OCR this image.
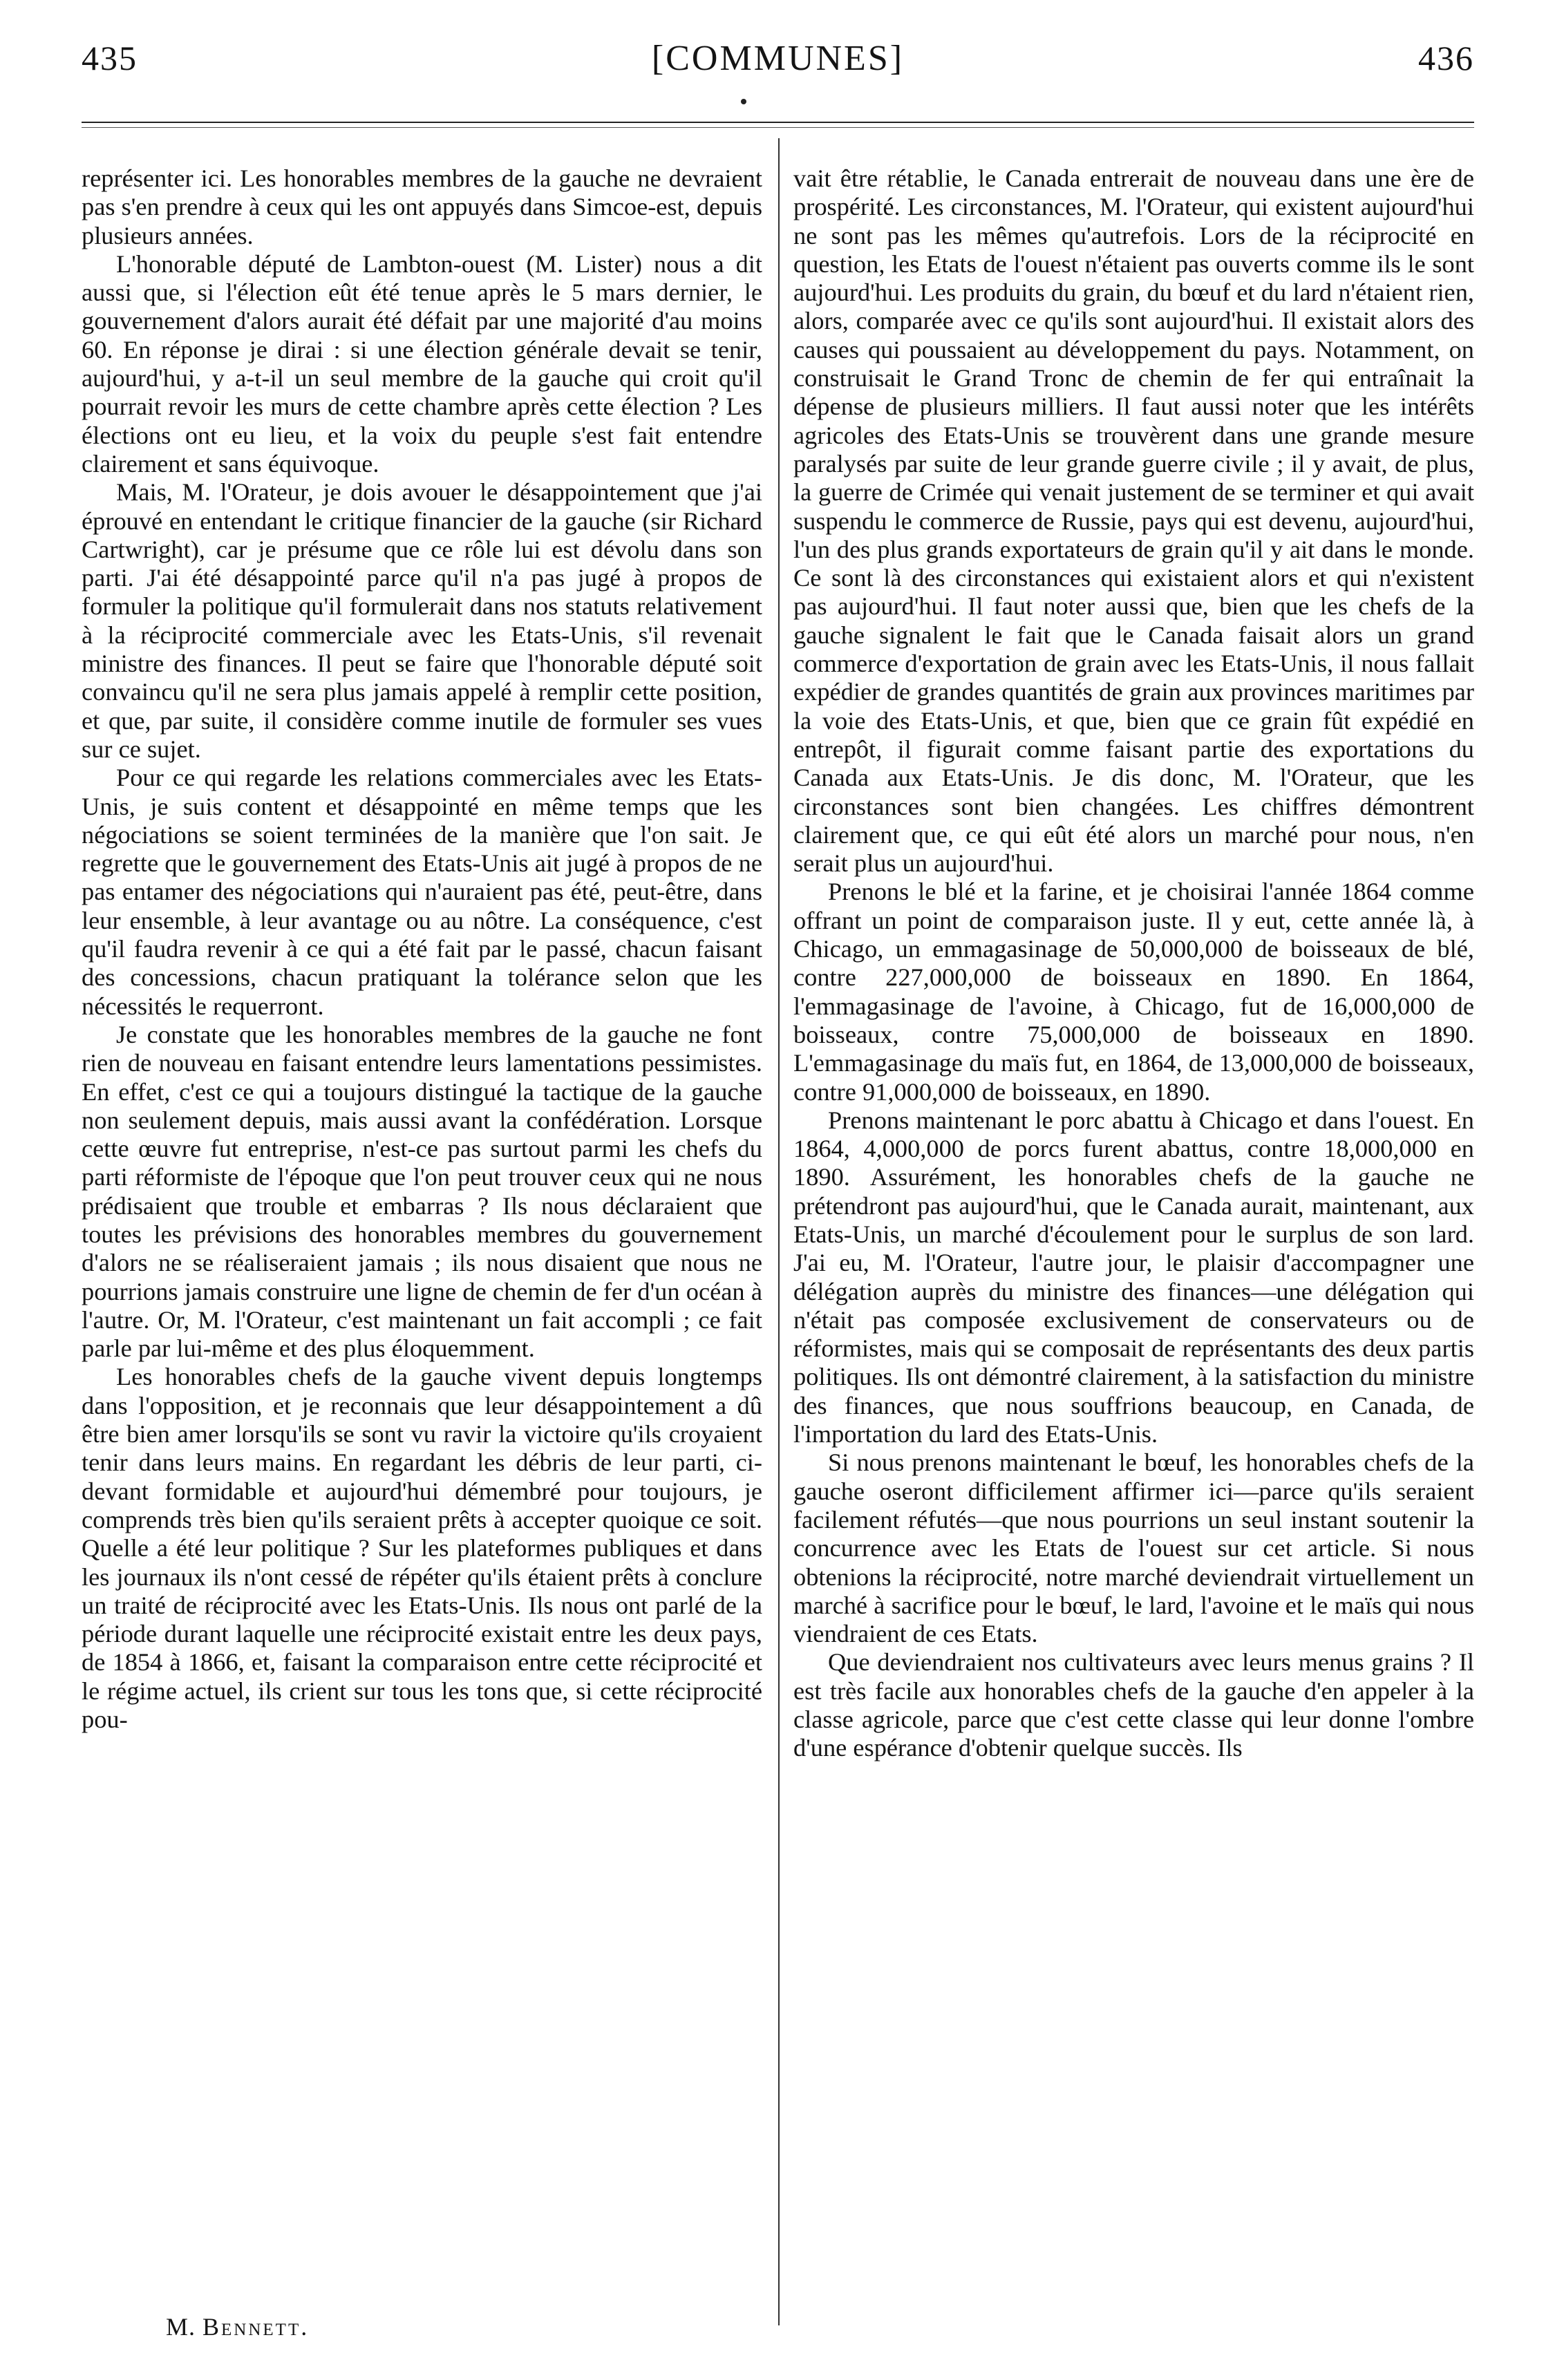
435	[COMMUNES]	436

représenter ici. Les honorables membres de la gauche ne devraient pas s'en prendre à ceux qui les ont appuyés dans Simcoe-est, depuis plusieurs années.

L'honorable député de Lambton-ouest (M. Lister) nous a dit aussi que, si l'élection eût été tenue après le 5 mars dernier, le gouvernement d'alors aurait été défait par une majorité d'au moins 60. En réponse je dirai : si une élection générale devait se tenir, aujourd'hui, y a-t-il un seul membre de la gauche qui croit qu'il pourrait revoir les murs de cette chambre après cette élection ? Les élections ont eu lieu, et la voix du peuple s'est fait entendre clairement et sans équivoque.

Mais, M. l'Orateur, je dois avouer le désappointement que j'ai éprouvé en entendant le critique financier de la gauche (sir Richard Cartwright), car je présume que ce rôle lui est dévolu dans son parti. J'ai été désappointé parce qu'il n'a pas jugé à propos de formuler la politique qu'il formulerait dans nos statuts relativement à la réciprocité commerciale avec les Etats-Unis, s'il revenait ministre des finances. Il peut se faire que l'honorable député soit convaincu qu'il ne sera plus jamais appelé à remplir cette position, et que, par suite, il considère comme inutile de formuler ses vues sur ce sujet.

Pour ce qui regarde les relations commerciales avec les Etats-Unis, je suis content et désappointé en même temps que les négociations se soient terminées de la manière que l'on sait. Je regrette que le gouvernement des Etats-Unis ait jugé à propos de ne pas entamer des négociations qui n'auraient pas été, peut-être, dans leur ensemble, à leur avantage ou au nôtre. La conséquence, c'est qu'il faudra revenir à ce qui a été fait par le passé, chacun faisant des concessions, chacun pratiquant la tolérance selon que les nécessités le requerront.

Je constate que les honorables membres de la gauche ne font rien de nouveau en faisant entendre leurs lamentations pessimistes. En effet, c'est ce qui a toujours distingué la tactique de la gauche non seulement depuis, mais aussi avant la confédération. Lorsque cette œuvre fut entreprise, n'est-ce pas surtout parmi les chefs du parti réformiste de l'époque que l'on peut trouver ceux qui ne nous prédisaient que trouble et embarras ? Ils nous déclaraient que toutes les prévisions des honorables membres du gouvernement d'alors ne se réaliseraient jamais ; ils nous disaient que nous ne pourrions jamais construire une ligne de chemin de fer d'un océan à l'autre. Or, M. l'Orateur, c'est maintenant un fait accompli ; ce fait parle par lui-même et des plus éloquemment.

Les honorables chefs de la gauche vivent depuis longtemps dans l'opposition, et je reconnais que leur désappointement a dû être bien amer lorsqu'ils se sont vu ravir la victoire qu'ils croyaient tenir dans leurs mains. En regardant les débris de leur parti, ci-devant formidable et aujourd'hui démembré pour toujours, je comprends très bien qu'ils seraient prêts à accepter quoique ce soit. Quelle a été leur politique ? Sur les plateformes publiques et dans les journaux ils n'ont cessé de répéter qu'ils étaient prêts à conclure un traité de réciprocité avec les Etats-Unis. Ils nous ont parlé de la période durant laquelle une réciprocité existait entre les deux pays, de 1854 à 1866, et, faisant la comparaison entre cette réciprocité et le régime actuel, ils crient sur tous les tons que, si cette réciprocité pou-

M. Bennett.

vait être rétablie, le Canada entrerait de nouveau dans une ère de prospérité. Les circonstances, M. l'Orateur, qui existent aujourd'hui ne sont pas les mêmes qu'autrefois. Lors de la réciprocité en question, les Etats de l'ouest n'étaient pas ouverts comme ils le sont aujourd'hui. Les produits du grain, du bœuf et du lard n'étaient rien, alors, comparée avec ce qu'ils sont aujourd'hui. Il existait alors des causes qui poussaient au développement du pays. Notamment, on construisait le Grand Tronc de chemin de fer qui entraînait la dépense de plusieurs milliers. Il faut aussi noter que les intérêts agricoles des Etats-Unis se trouvèrent dans une grande mesure paralysés par suite de leur grande guerre civile ; il y avait, de plus, la guerre de Crimée qui venait justement de se terminer et qui avait suspendu le commerce de Russie, pays qui est devenu, aujourd'hui, l'un des plus grands exportateurs de grain qu'il y ait dans le monde. Ce sont là des circonstances qui existaient alors et qui n'existent pas aujourd'hui. Il faut noter aussi que, bien que les chefs de la gauche signalent le fait que le Canada faisait alors un grand commerce d'exportation de grain avec les Etats-Unis, il nous fallait expédier de grandes quantités de grain aux provinces maritimes par la voie des Etats-Unis, et que, bien que ce grain fût expédié en entrepôt, il figurait comme faisant partie des exportations du Canada aux Etats-Unis. Je dis donc, M. l'Orateur, que les circonstances sont bien changées. Les chiffres démontrent clairement que, ce qui eût été alors un marché pour nous, n'en serait plus un aujourd'hui.

Prenons le blé et la farine, et je choisirai l'année 1864 comme offrant un point de comparaison juste. Il y eut, cette année là, à Chicago, un emmagasinage de 50,000,000 de boisseaux de blé, contre 227,000,000 de boisseaux en 1890. En 1864, l'emmagasinage de l'avoine, à Chicago, fut de 16,000,000 de boisseaux, contre 75,000,000 de boisseaux en 1890. L'emmagasinage du maïs fut, en 1864, de 13,000,000 de boisseaux, contre 91,000,000 de boisseaux, en 1890.

Prenons maintenant le porc abattu à Chicago et dans l'ouest. En 1864, 4,000,000 de porcs furent abattus, contre 18,000,000 en 1890. Assurément, les honorables chefs de la gauche ne prétendront pas aujourd'hui, que le Canada aurait, maintenant, aux Etats-Unis, un marché d'écoulement pour le surplus de son lard. J'ai eu, M. l'Orateur, l'autre jour, le plaisir d'accompagner une délégation auprès du ministre des finances—une délégation qui n'était pas composée exclusivement de conservateurs ou de réformistes, mais qui se composait de représentants des deux partis politiques. Ils ont démontré clairement, à la satisfaction du ministre des finances, que nous souffrions beaucoup, en Canada, de l'importation du lard des Etats-Unis.

Si nous prenons maintenant le bœuf, les honorables chefs de la gauche oseront difficilement affirmer ici—parce qu'ils seraient facilement réfutés—que nous pourrions un seul instant soutenir la concurrence avec les Etats de l'ouest sur cet article. Si nous obtenions la réciprocité, notre marché deviendrait virtuellement un marché à sacrifice pour le bœuf, le lard, l'avoine et le maïs qui nous viendraient de ces Etats.

Que deviendraient nos cultivateurs avec leurs menus grains ? Il est très facile aux honorables chefs de la gauche d'en appeler à la classe agricole, parce que c'est cette classe qui leur donne l'ombre d'une espérance d'obtenir quelque succès. Ils
